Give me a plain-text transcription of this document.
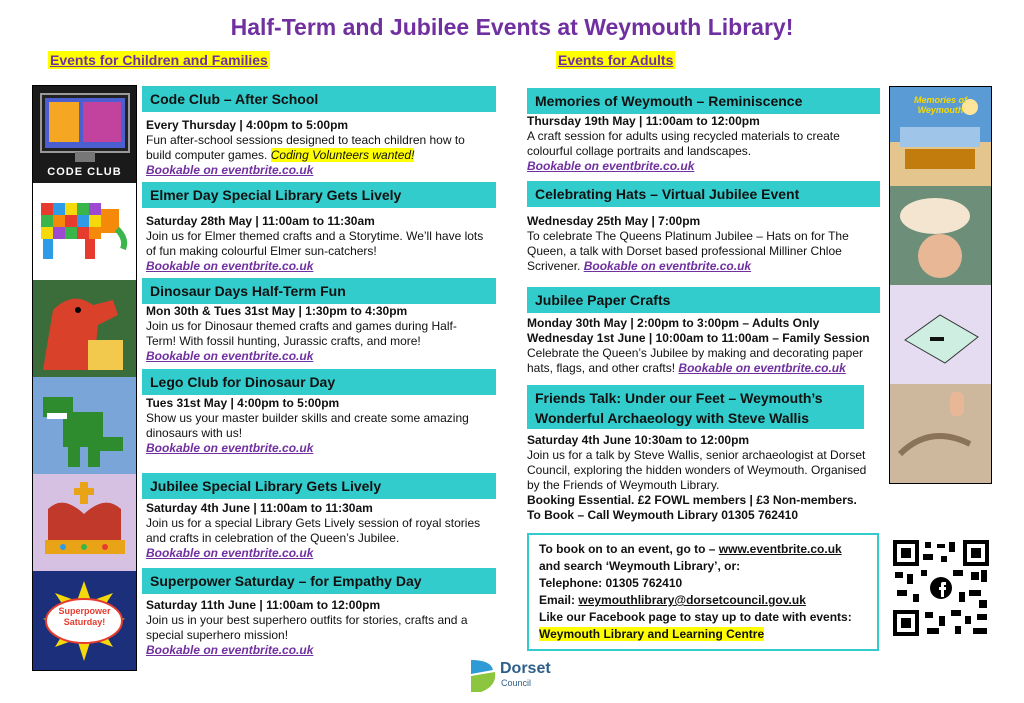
Half-Term and Jubilee Events at Weymouth Library!
Events for Children and Families	Events for Adults
CODE CLUB
Superpower Saturday!
Code Club – After School
Every Thursday | 4:00pm to 5:00pm
Fun after-school sessions designed to teach children how to build computer games. Coding Volunteers wanted!
Bookable on eventbrite.co.uk
Elmer Day Special Library Gets Lively
Saturday 28th May | 11:00am to 11:30am
Join us for Elmer themed crafts and a Storytime. We’ll have lots of fun making colourful Elmer sun-catchers!
Bookable on eventbrite.co.uk
Dinosaur Days Half-Term Fun
Mon 30th & Tues 31st May | 1:30pm to 4:30pm
Join us for Dinosaur themed crafts and games during Half-Term! With fossil hunting, Jurassic crafts, and more!
Bookable on eventbrite.co.uk
Lego Club for Dinosaur Day
Tues 31st May | 4:00pm to 5:00pm
Show us your master builder skills and create some amazing dinosaurs with us!
Bookable on eventbrite.co.uk
Jubilee Special Library Gets Lively
Saturday 4th June | 11:00am to 11:30am
Join us for a special Library Gets Lively session of royal stories and crafts in celebration of the Queen’s Jubilee.
Bookable on eventbrite.co.uk
Superpower Saturday – for Empathy Day
Saturday 11th June | 11:00am to 12:00pm
Join us in your best superhero outfits for stories, crafts and a special superhero mission!
Bookable on eventbrite.co.uk
Memories of Weymouth – Reminiscence
Thursday 19th May | 11:00am to 12:00pm
A craft session for adults using recycled materials to create colourful collage portraits and landscapes.
Bookable on eventbrite.co.uk
Celebrating Hats – Virtual Jubilee Event
Wednesday 25th May | 7:00pm
To celebrate The Queens Platinum Jubilee – Hats on for The Queen, a talk with Dorset based professional Milliner Chloe Scrivener. Bookable on eventbrite.co.uk
Jubilee Paper Crafts
Monday 30th May | 2:00pm to 3:00pm – Adults Only
Wednesday 1st June | 10:00am to 11:00am – Family Session
Celebrate the Queen’s Jubilee by making and decorating paper hats, flags, and other crafts! Bookable on eventbrite.co.uk
Friends Talk: Under our Feet – Weymouth’s Wonderful Archaeology with Steve Wallis
Saturday 4th June 10:30am to 12:00pm
Join us for a talk by Steve Wallis, senior archaeologist at Dorset Council, exploring the hidden wonders of Weymouth. Organised by the Friends of Weymouth Library.
Booking Essential. £2 FOWL members | £3 Non-members.
To Book – Call Weymouth Library 01305 762410
Memories of Weymouth
To book on to an event, go to – www.eventbrite.co.uk
and search ‘Weymouth Library’, or:
Telephone: 01305 762410
Email: weymouthlibrary@dorsetcouncil.gov.uk
Like our Facebook page to stay up to date with events:
Weymouth Library and Learning Centre
Dorset
Council
